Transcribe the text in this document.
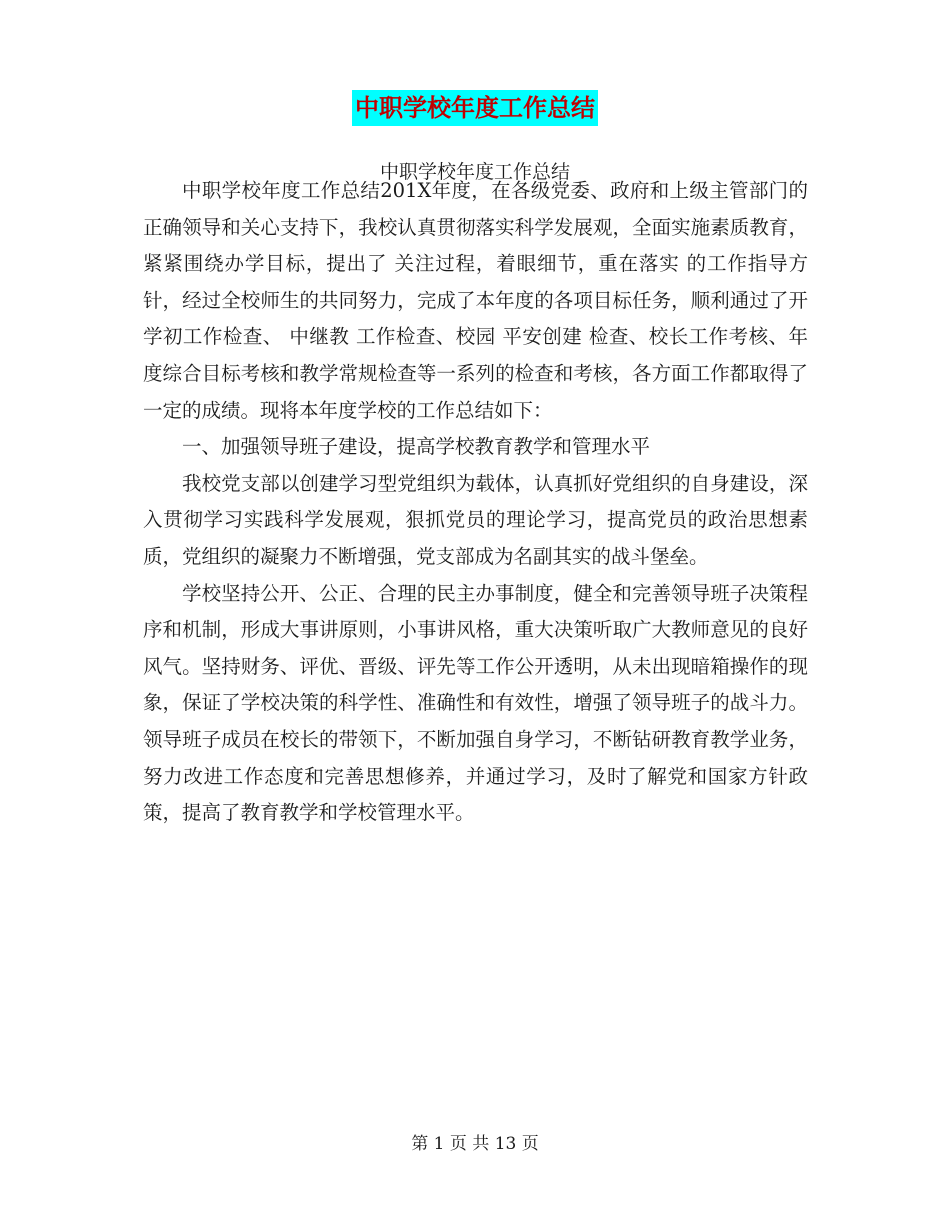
中职学校年度工作总结
中职学校年度工作总结

中职学校年度工作总结201X年度，在各级党委、政府和上级主管部门的正确领导和关心支持下，我校认真贯彻落实科学发展观，全面实施素质教育，紧紧围绕办学目标，提出了 关注过程，着眼细节，重在落实 的工作指导方针，经过全校师生的共同努力，完成了本年度的各项目标任务，顺利通过了开学初工作检查、 中继教 工作检查、校园 平安创建 检查、校长工作考核、年度综合目标考核和教学常规检查等一系列的检查和考核，各方面工作都取得了一定的成绩。现将本年度学校的工作总结如下：

一、加强领导班子建设，提高学校教育教学和管理水平

我校党支部以创建学习型党组织为载体，认真抓好党组织的自身建设，深入贯彻学习实践科学发展观，狠抓党员的理论学习，提高党员的政治思想素质，党组织的凝聚力不断增强，党支部成为名副其实的战斗堡垒。

学校坚持公开、公正、合理的民主办事制度，健全和完善领导班子决策程序和机制，形成大事讲原则，小事讲风格，重大决策听取广大教师意见的良好风气。坚持财务、评优、晋级、评先等工作公开透明，从未出现暗箱操作的现象，保证了学校决策的科学性、准确性和有效性，增强了领导班子的战斗力。领导班子成员在校长的带领下，不断加强自身学习，不断钻研教育教学业务，努力改进工作态度和完善思想修养，并通过学习，及时了解党和国家方针政策，提高了教育教学和学校管理水平。

第 1 页 共 13 页
